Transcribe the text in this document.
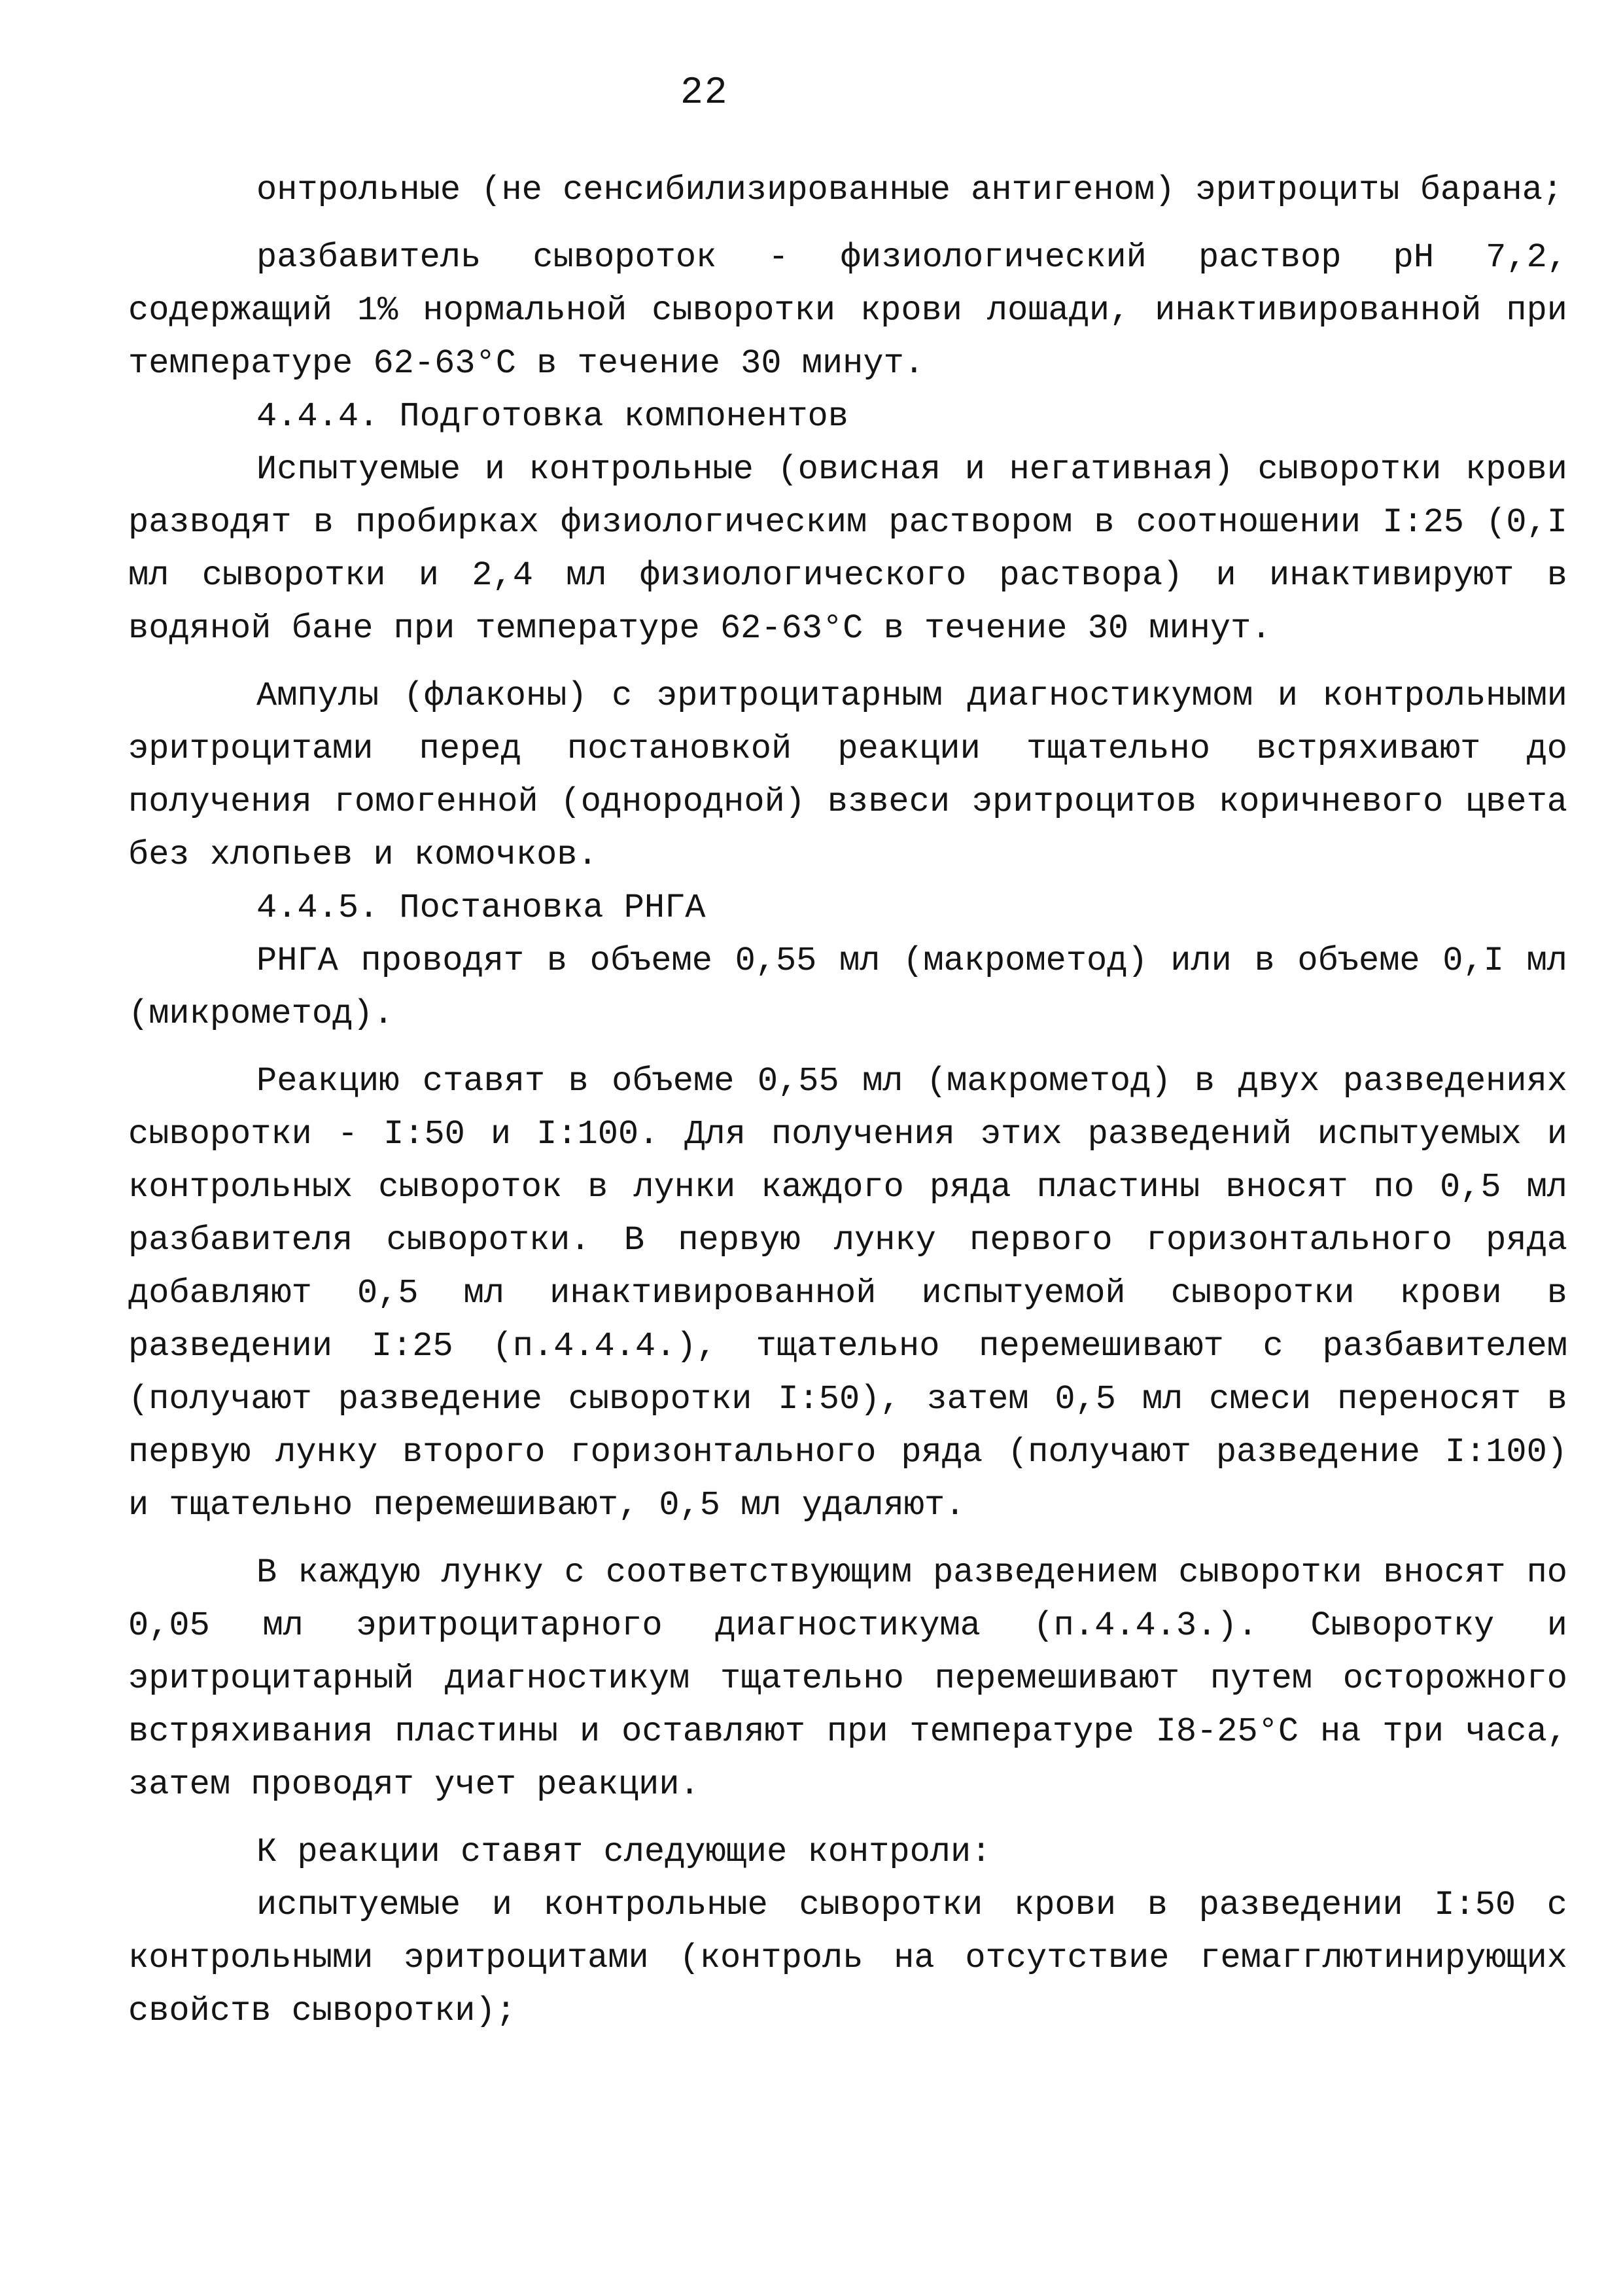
22

онтрольные (не сенсибилизированные антигеном) эритроциты барана;

разбавитель сывороток - физиологический раствор pH 7,2, содержащий 1% нормальной сыворотки крови лошади, инактивированной при температуре 62-63°С в течение 30 минут.

4.4.4. Подготовка компонентов

Испытуемые и контрольные (овисная и негативная) сыворотки крови разводят в пробирках физиологическим раствором в соотношении I:25 (0,I мл сыворотки и 2,4 мл физиологического раствора) и инактивируют в водяной бане при температуре 62-63°С в течение 30 минут.

Ампулы (флаконы) с эритроцитарным диагностикумом и контрольными эритроцитами перед постановкой реакции тщательно встряхивают до получения гомогенной (однородной) взвеси эритроцитов коричневого цвета без хлопьев и комочков.

4.4.5. Постановка РНГА

РНГА проводят в объеме 0,55 мл (макрометод) или в объеме 0,I мл (микрометод).

Реакцию ставят в объеме 0,55 мл (макрометод) в двух разведениях сыворотки - I:50 и I:100. Для получения этих разведений испытуемых и контрольных сывороток в лунки каждого ряда пластины вносят по 0,5 мл разбавителя сыворотки. В первую лунку первого горизонтального ряда добавляют 0,5 мл инактивированной испытуемой сыворотки крови в разведении I:25 (п.4.4.4.), тщательно перемешивают с разбавителем (получают разведение сыворотки I:50), затем 0,5 мл смеси переносят в первую лунку второго горизонтального ряда (получают разведение I:100) и тщательно перемешивают, 0,5 мл удаляют.

В каждую лунку с соответствующим разведением сыворотки вносят по 0,05 мл эритроцитарного диагностикума (п.4.4.3.). Сыворотку и эритроцитарный диагностикум тщательно перемешивают путем осторожного встряхивания пластины и оставляют при температуре I8-25°С на три часа, затем проводят учет реакции.

К реакции ставят следующие контроли:

испытуемые и контрольные сыворотки крови в разведении I:50 с контрольными эритроцитами (контроль на отсутствие гемагглютинирующих свойств сыворотки);
